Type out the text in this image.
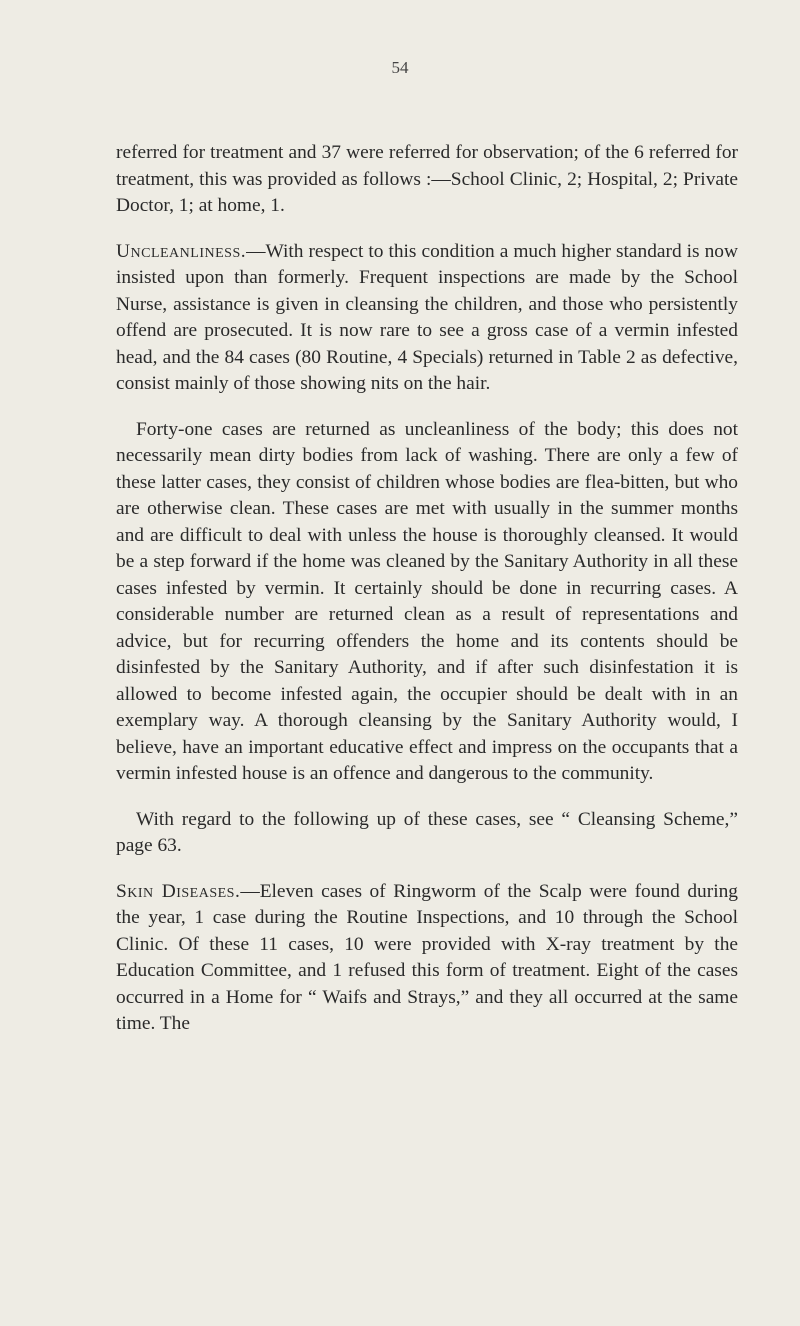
54

referred for treatment and 37 were referred for observation; of the 6 referred for treatment, this was provided as follows :—School Clinic, 2; Hospital, 2; Private Doctor, 1; at home, 1.

Uncleanliness.—With respect to this condition a much higher standard is now insisted upon than formerly. Frequent inspections are made by the School Nurse, assistance is given in cleansing the children, and those who persistently offend are prosecuted. It is now rare to see a gross case of a vermin infested head, and the 84 cases (80 Routine, 4 Specials) returned in Table 2 as defective, consist mainly of those showing nits on the hair.

Forty-one cases are returned as uncleanliness of the body; this does not necessarily mean dirty bodies from lack of washing. There are only a few of these latter cases, they consist of children whose bodies are flea-bitten, but who are otherwise clean. These cases are met with usually in the summer months and are difficult to deal with unless the house is thoroughly cleansed. It would be a step forward if the home was cleaned by the Sanitary Authority in all these cases infested by vermin. It certainly should be done in recurring cases. A considerable number are returned clean as a result of representations and advice, but for recurring offenders the home and its contents should be disinfested by the Sanitary Authority, and if after such disinfestation it is allowed to become infested again, the occupier should be dealt with in an exemplary way. A thorough cleansing by the Sanitary Authority would, I believe, have an important educative effect and impress on the occupants that a vermin infested house is an offence and dangerous to the community.

With regard to the following up of these cases, see “ Cleansing Scheme,” page 63.

Skin Diseases.—Eleven cases of Ringworm of the Scalp were found during the year, 1 case during the Routine Inspections, and 10 through the School Clinic. Of these 11 cases, 10 were provided with X-ray treatment by the Education Committee, and 1 refused this form of treatment. Eight of the cases occurred in a Home for “ Waifs and Strays,” and they all occurred at the same time. The
